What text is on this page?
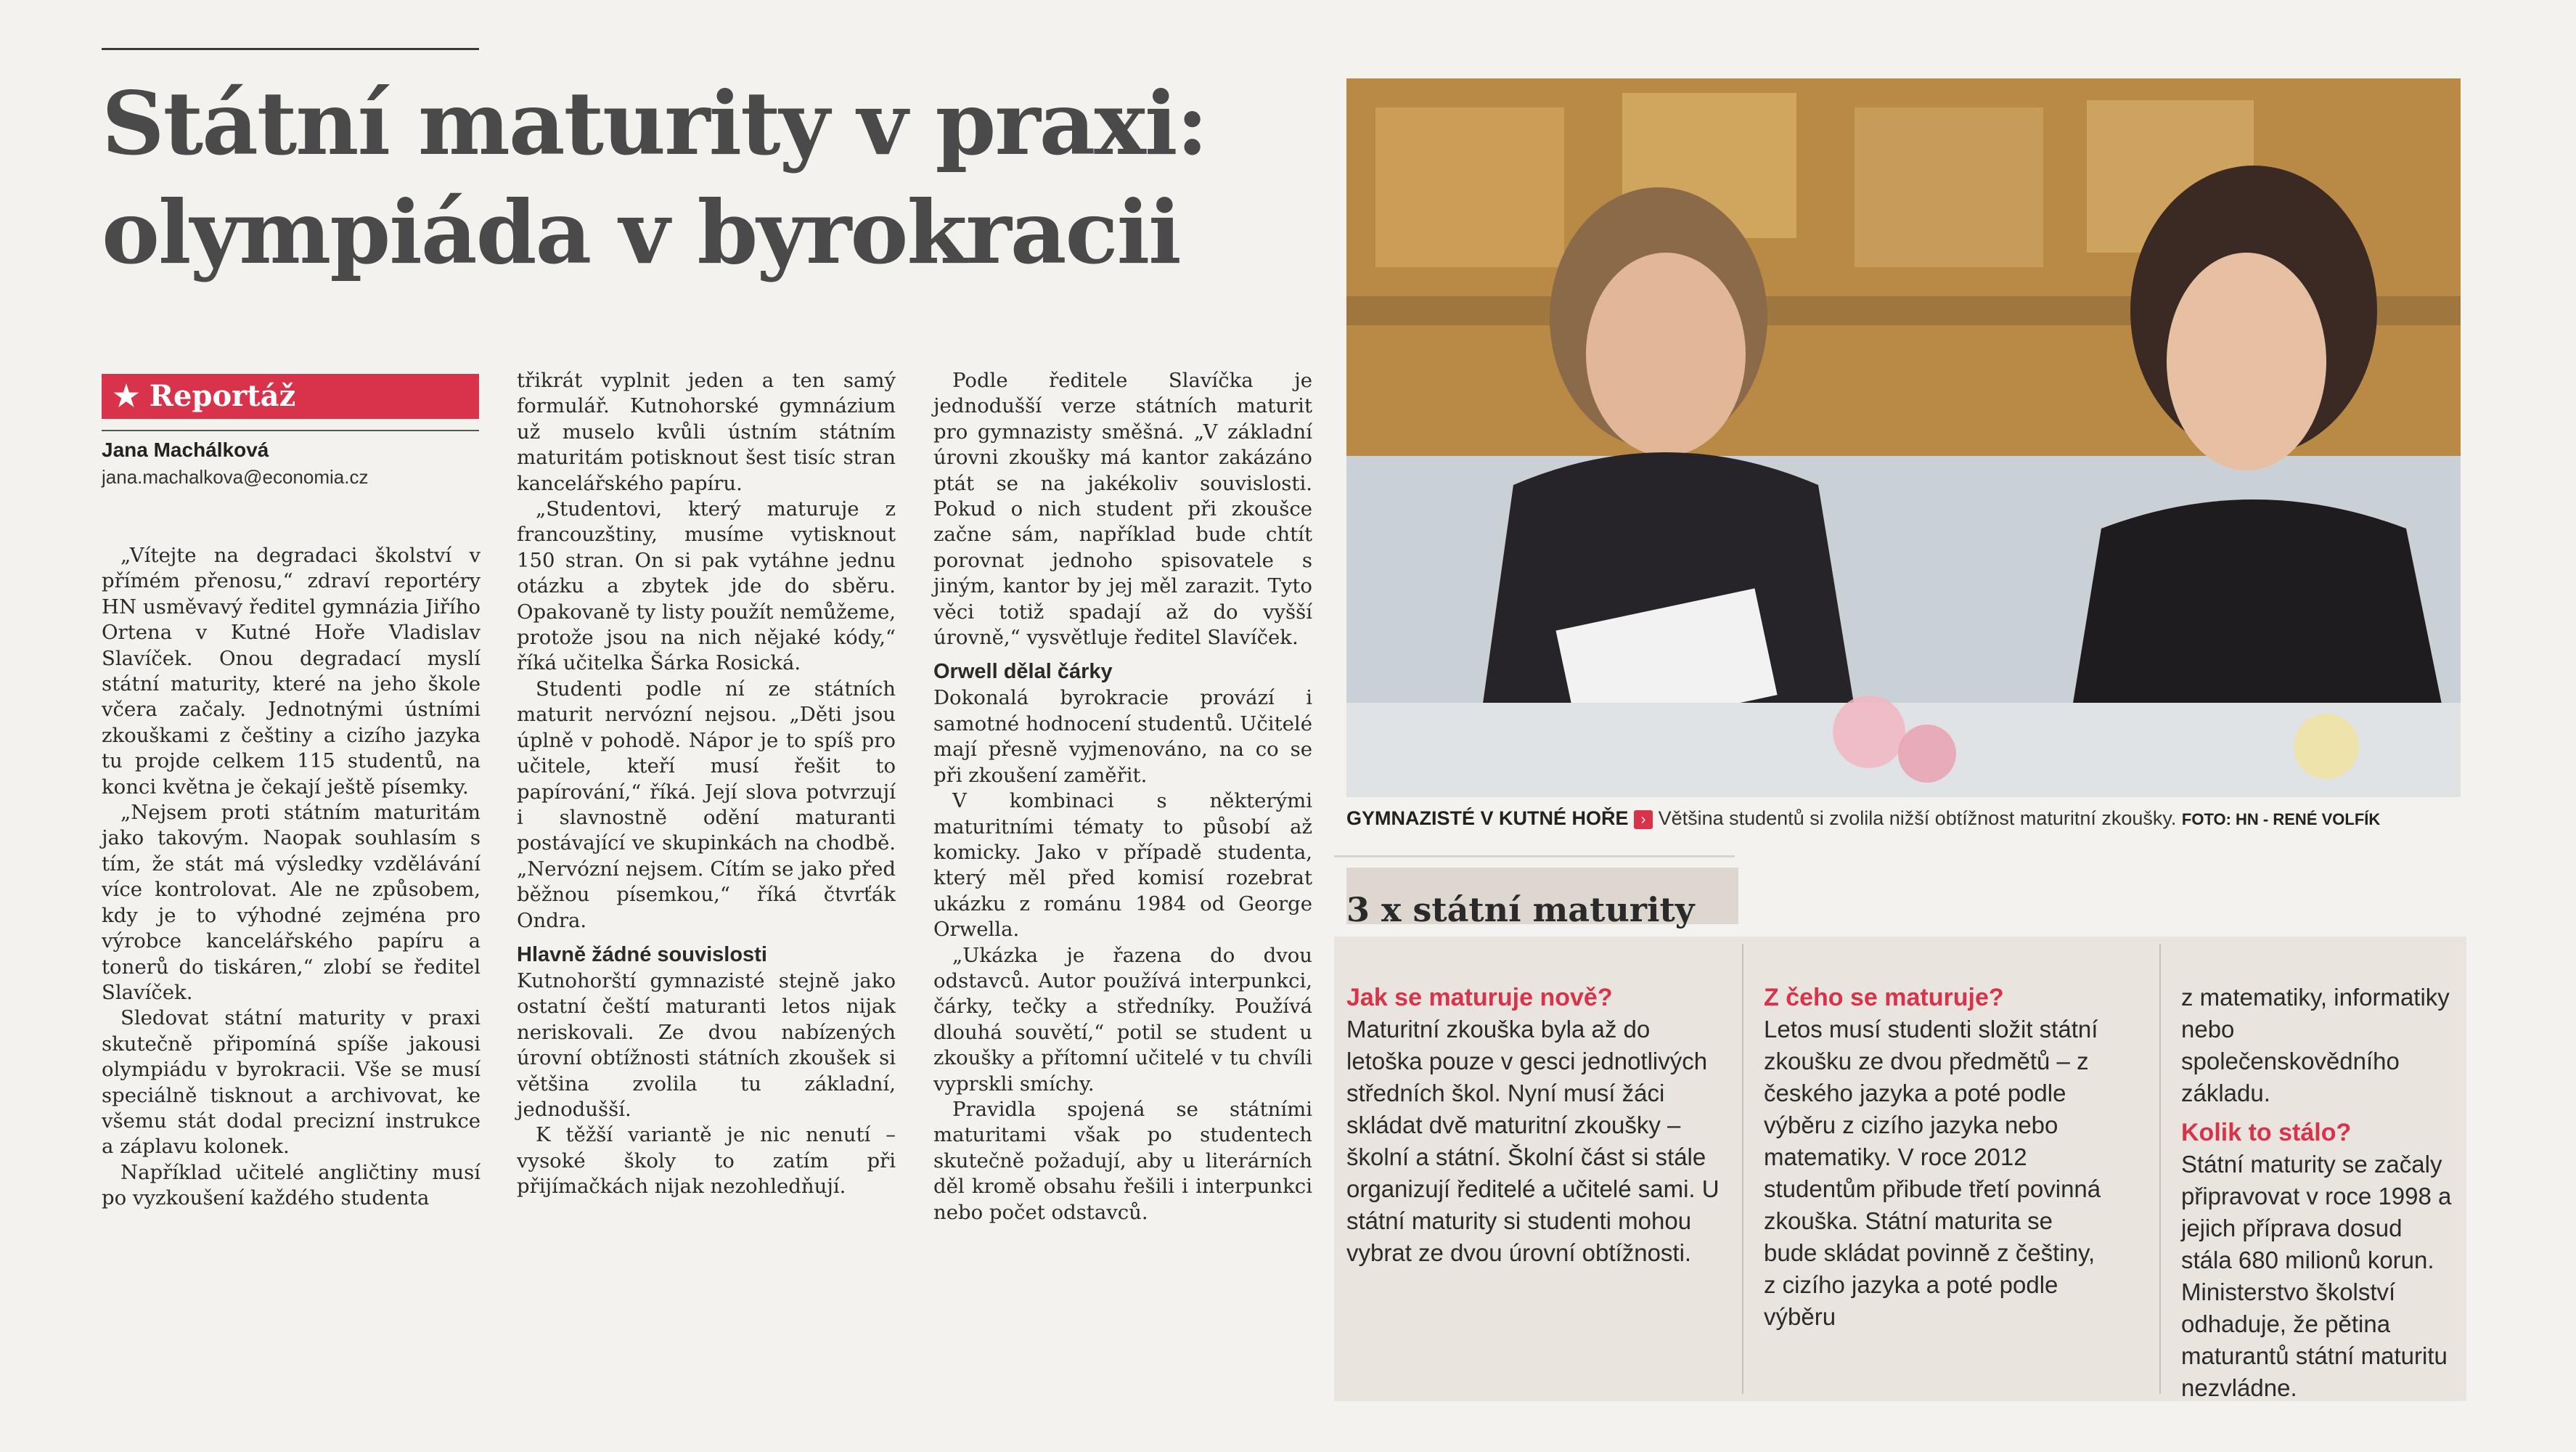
Státní maturity v praxi:
olympiáda v byrokracii
★ Reportáž
Jana Machálková
jana.machalkova@economia.cz

„Vítejte na degradaci školství v přímém přenosu,“ zdraví reportéry HN usměvavý ředitel gymnázia Jiřího Ortena v Kutné Hoře Vladislav Slavíček. Onou degradací myslí státní maturity, které na jeho škole včera začaly. Jednotnými ústními zkouškami z češtiny a cizího jazyka tu projde celkem 115 studentů, na konci května je čekají ještě písemky.

„Nejsem proti státním maturitám jako takovým. Naopak souhlasím s tím, že stát má výsledky vzdělávání více kontrolovat. Ale ne způsobem, kdy je to výhodné zejména pro výrobce kancelářského papíru a tonerů do tiskáren,“ zlobí se ředitel Slavíček.

Sledovat státní maturity v praxi skutečně připomíná spíše jakousi olympiádu v byrokracii. Vše se musí speciálně tisknout a archivovat, ke všemu stát dodal precizní instrukce a záplavu kolonek.

Například učitelé angličtiny musí po vyzkoušení každého studenta

třikrát vyplnit jeden a ten samý formulář. Kutnohorské gymnázium už muselo kvůli ústním státním maturitám potisknout šest tisíc stran kancelářského papíru.

„Studentovi, který maturuje z francouzštiny, musíme vytisknout 150 stran. On si pak vytáhne jednu otázku a zbytek jde do sběru. Opakovaně ty listy použít nemůžeme, protože jsou na nich nějaké kódy,“ říká učitelka Šárka Rosická.

Studenti podle ní ze státních maturit nervózní nejsou. „Děti jsou úplně v pohodě. Nápor je to spíš pro učitele, kteří musí řešit to papírování,“ říká. Její slova potvrzují i slavnostně odění maturanti postávající ve skupinkách na chodbě. „Nervózní nejsem. Cítím se jako před běžnou písemkou,“ říká čtvrťák Ondra.

Hlavně žádné souvislosti

Kutnohorští gymnazisté stejně jako ostatní čeští maturanti letos nijak neriskovali. Ze dvou nabízených úrovní obtížnosti státních zkoušek si většina zvolila tu základní, jednodušší.

K těžší variantě je nic nenutí – vysoké školy to zatím při přijímačkách nijak nezohledňují.

Podle ředitele Slavíčka je jednodušší verze státních maturit pro gymnazisty směšná. „V základní úrovni zkoušky má kantor zakázáno ptát se na jakékoliv souvislosti. Pokud o nich student při zkoušce začne sám, například bude chtít porovnat jednoho spisovatele s jiným, kantor by jej měl zarazit. Tyto věci totiž spadají až do vyšší úrovně,“ vysvětluje ředitel Slavíček.

Orwell dělal čárky

Dokonalá byrokracie provází i samotné hodnocení studentů. Učitelé mají přesně vyjmenováno, na co se při zkoušení zaměřit.

V kombinaci s některými maturitními tématy to působí až komicky. Jako v případě studenta, který měl před komisí rozebrat ukázku z románu 1984 od George Orwella.

„Ukázka je řazena do dvou odstavců. Autor používá interpunkci, čárky, tečky a středníky. Používá dlouhá souvětí,“ potil se student u zkoušky a přítomní učitelé v tu chvíli vyprskli smíchy.

Pravidla spojená se státními maturitami však po studentech skutečně požadují, aby u literárních děl kromě obsahu řešili i interpunkci nebo počet odstavců.

GYMNAZISTÉ V KUTNÉ HOŘE › Většina studentů si zvolila nižší obtížnost maturitní zkoušky. FOTO: HN - RENÉ VOLFÍK
3 x státní maturity
Jak se maturuje nově?

Maturitní zkouška byla až do letoška pouze v gesci jednotlivých středních škol. Nyní musí žáci skládat dvě maturitní zkoušky – školní a státní. Školní část si stále organizují ředitelé a učitelé sami. U státní maturity si studenti mohou vybrat ze dvou úrovní obtížnosti.

Z čeho se maturuje?

Letos musí studenti složit státní zkoušku ze dvou předmětů – z českého jazyka a poté podle výběru z cizího jazyka nebo matematiky. V roce 2012 studentům přibude třetí povinná zkouška. Státní maturita se bude skládat povinně z češtiny, z cizího jazyka a poté podle výběru

z matematiky, informatiky nebo společenskovědního základu.

Kolik to stálo?

Státní maturity se začaly připravovat v roce 1998 a jejich příprava dosud stála 680 milionů korun. Ministerstvo školství odhaduje, že pětina maturantů státní maturitu nezvládne.
